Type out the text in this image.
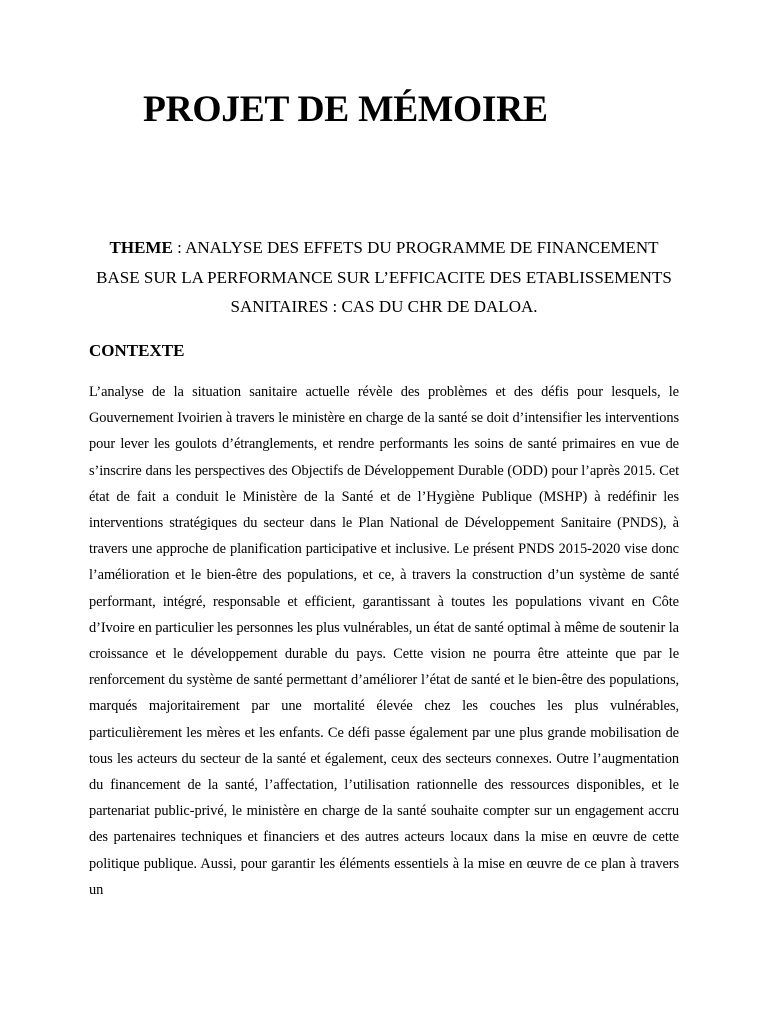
PROJET DE MÉMOIRE

THEME : ANALYSE DES EFFETS DU PROGRAMME DE FINANCEMENT BASE SUR LA PERFORMANCE SUR L’EFFICACITE DES ETABLISSEMENTS SANITAIRES : CAS DU CHR DE DALOA.

CONTEXTE

L’analyse de la situation sanitaire actuelle révèle des problèmes et des défis pour lesquels, le Gouvernement Ivoirien à travers le ministère en charge de la santé se doit d’intensifier les interventions pour lever les goulots d’étranglements, et rendre performants les soins de santé primaires en vue de s’inscrire dans les perspectives des Objectifs de Développement Durable (ODD) pour l’après 2015. Cet état de fait a conduit le Ministère de la Santé et de l’Hygiène Publique (MSHP) à redéfinir les interventions stratégiques du secteur dans le Plan National de Développement Sanitaire (PNDS), à travers une approche de planification participative et inclusive. Le présent PNDS 2015-2020 vise donc l’amélioration et le bien-être des populations, et ce, à travers la construction d’un système de santé performant, intégré, responsable et efficient, garantissant à toutes les populations vivant en Côte d’Ivoire en particulier les personnes les plus vulnérables, un état de santé optimal à même de soutenir la croissance et le développement durable du pays. Cette vision ne pourra être atteinte que par le renforcement du système de santé permettant d’améliorer l’état de santé et le bien-être des populations, marqués majoritairement par une mortalité élevée chez les couches les plus vulnérables, particulièrement les mères et les enfants. Ce défi passe également par une plus grande mobilisation de tous les acteurs du secteur de la santé et également, ceux des secteurs connexes. Outre l’augmentation du financement de la santé, l’affectation, l’utilisation rationnelle des ressources disponibles, et le partenariat public-privé, le ministère en charge de la santé souhaite compter sur un engagement accru des partenaires techniques et financiers et des autres acteurs locaux dans la mise en œuvre de cette politique publique. Aussi, pour garantir les éléments essentiels à la mise en œuvre de ce plan à travers un
